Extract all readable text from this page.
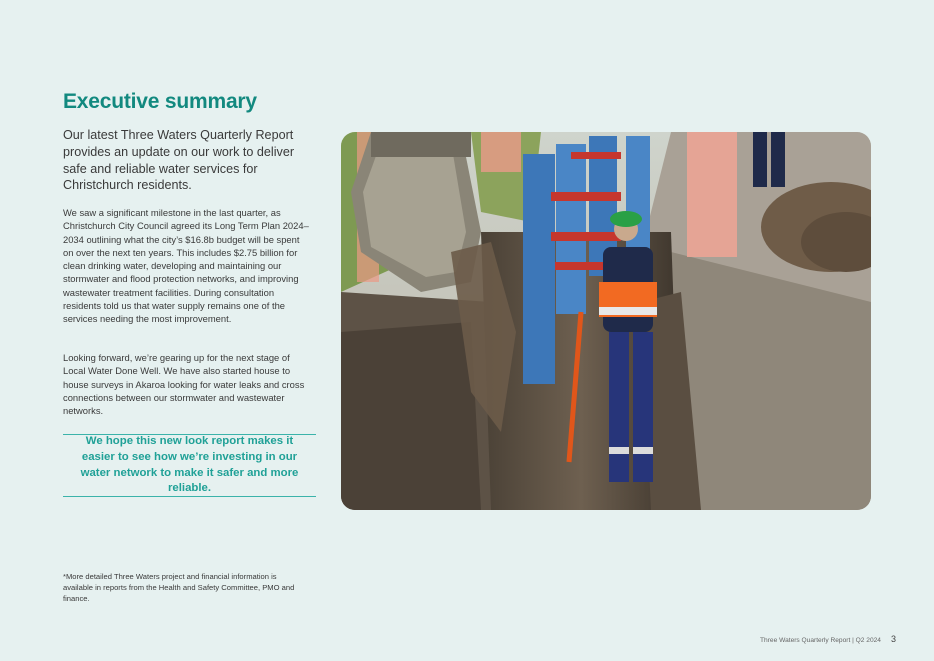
Executive summary

Our latest Three Waters Quarterly Report provides an update on our work to deliver safe and reliable water services for Christchurch residents.

We saw a significant milestone in the last quarter, as Christchurch City Council agreed its Long Term Plan 2024–2034 outlining what the city’s $16.8b budget will be spent on over the next ten years. This includes $2.75 billion for clean drinking water, developing and maintaining our stormwater and flood protection networks, and improving wastewater treatment facilities. During consultation residents told us that water supply remains one of the services needing the most improvement.

Looking forward, we’re gearing up for the next stage of Local Water Done Well. We have also started house to house surveys in Akaroa looking for water leaks and cross connections between our stormwater and wastewater networks.

We hope this new look report makes it easier to see how we’re investing in our water network to make it safer and more reliable.

*More detailed Three Waters project and financial information is available in reports from the Health and Safety Committee, PMO and finance.

Three Waters Quarterly Report | Q2 2024 3
